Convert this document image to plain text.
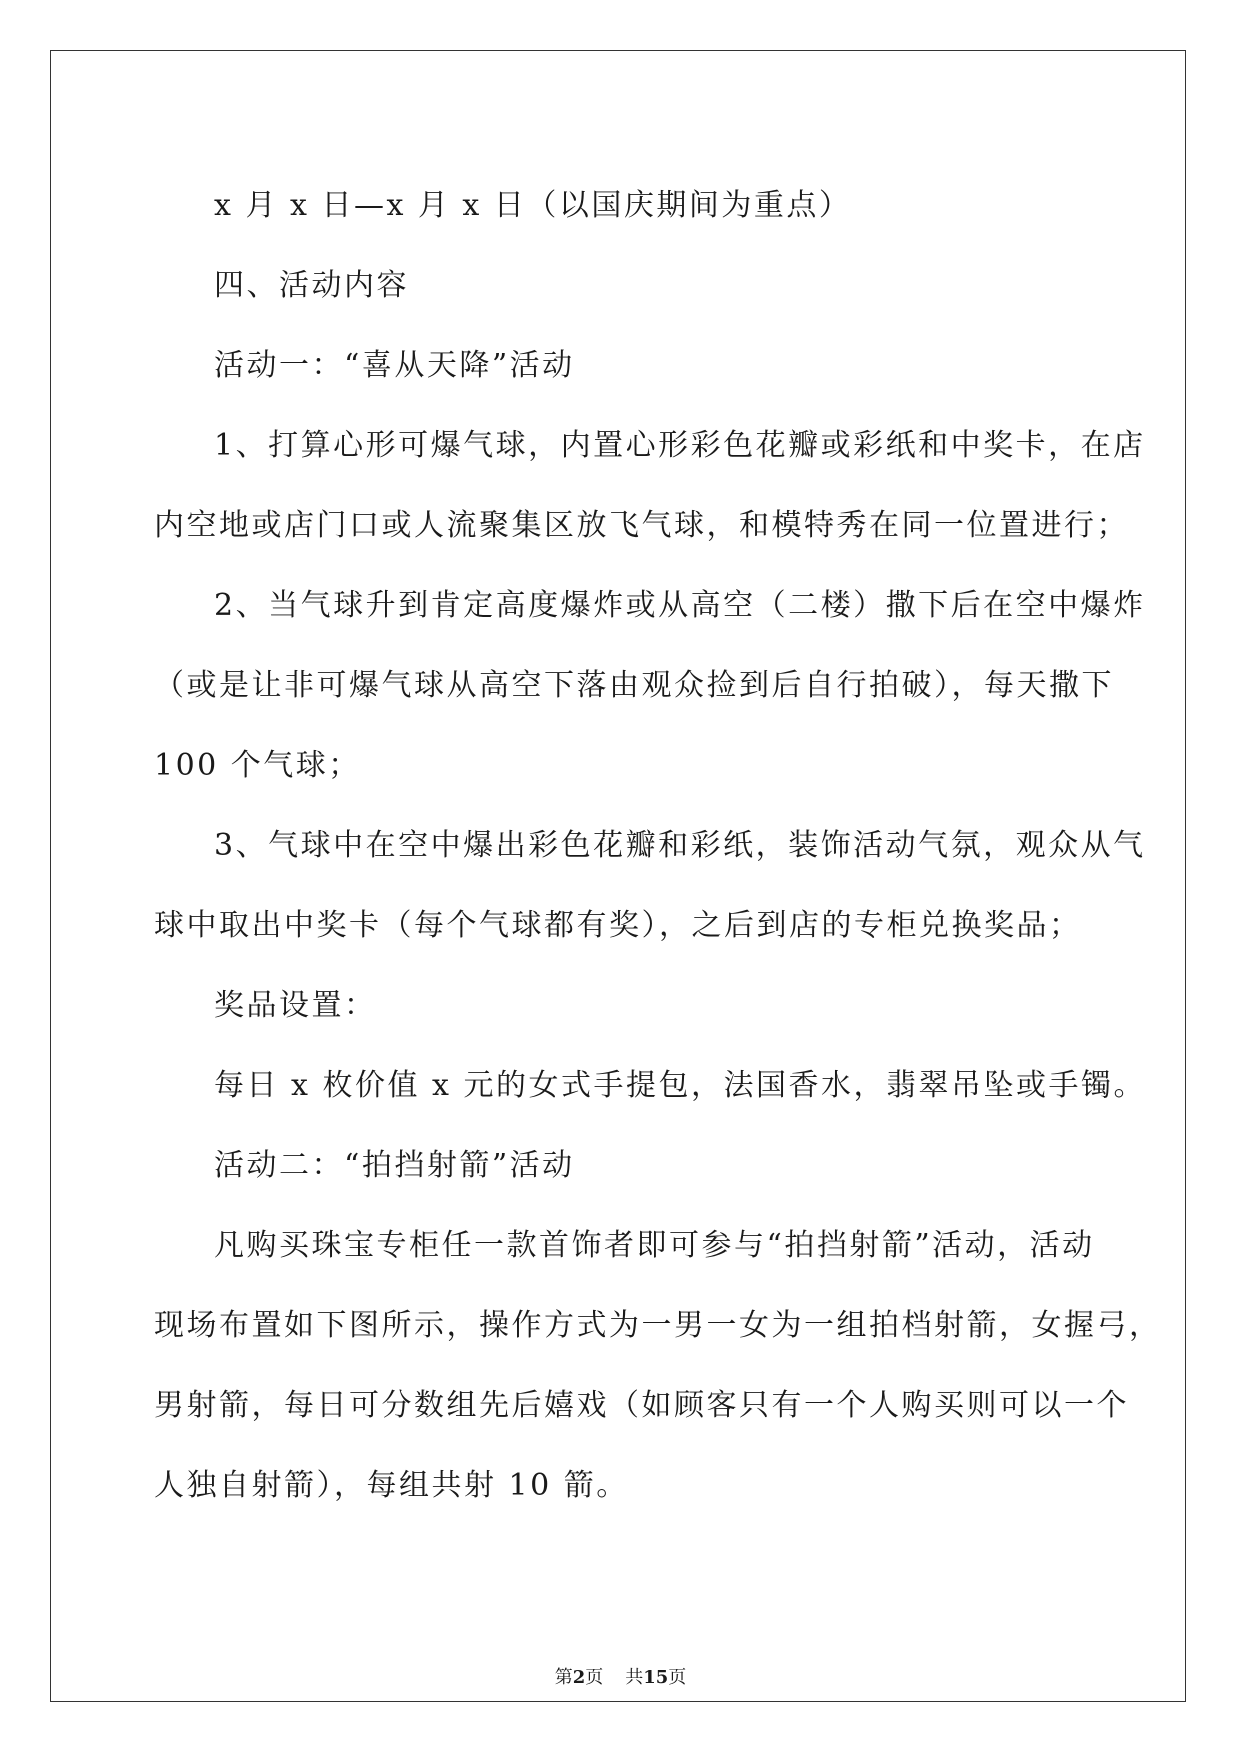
x 月 x 日—x 月 x 日（以国庆期间为重点）
四、活动内容
活动一：“喜从天降”活动
1、打算心形可爆气球，内置心形彩色花瓣或彩纸和中奖卡，在店
内空地或店门口或人流聚集区放飞气球，和模特秀在同一位置进行；
2、当气球升到肯定高度爆炸或从高空（二楼）撒下后在空中爆炸
（或是让非可爆气球从高空下落由观众捡到后自行拍破），每天撒下
100 个气球；
3、气球中在空中爆出彩色花瓣和彩纸，装饰活动气氛，观众从气
球中取出中奖卡（每个气球都有奖），之后到店的专柜兑换奖品；
奖品设置：
每日 x 枚价值 x 元的女式手提包，法国香水，翡翠吊坠或手镯。
活动二：“拍挡射箭”活动
凡购买珠宝专柜任一款首饰者即可参与“拍挡射箭”活动，活动
现场布置如下图所示，操作方式为一男一女为一组拍档射箭，女握弓，
男射箭，每日可分数组先后嬉戏（如顾客只有一个人购买则可以一个
人独自射箭），每组共射 10 箭。
第2页 共15页
